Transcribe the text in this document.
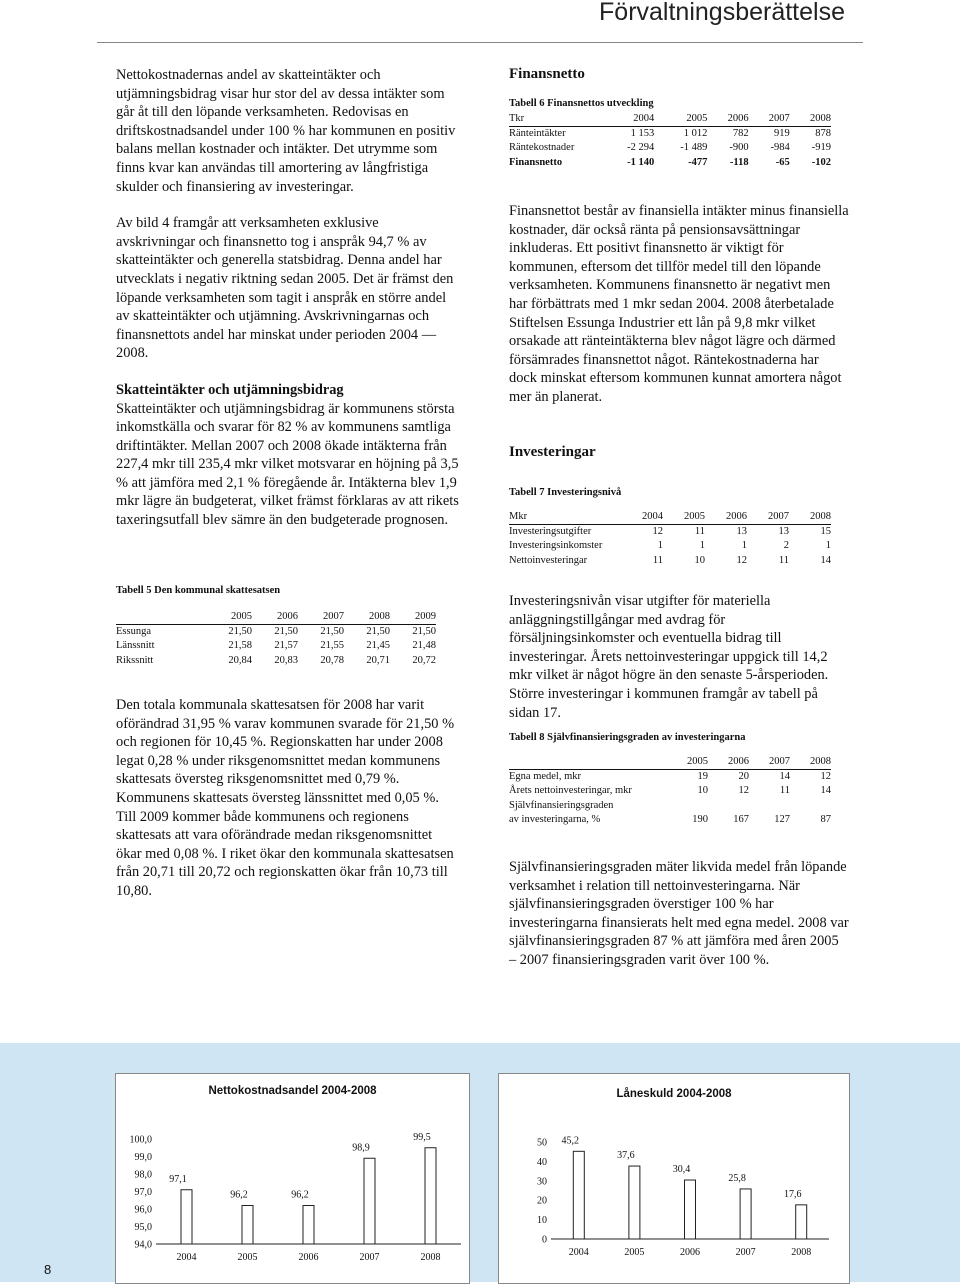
Förvaltningsberättelse

Nettokostnadernas andel av skatteintäkter och utjämningsbidrag visar hur stor del av dessa intäkter som går åt till den löpande verksamheten. Redovisas en driftskostnadsandel under 100 % har kommunen en positiv balans mellan kostnader och intäkter. Det utrymme som finns kvar kan användas till amortering av långfristiga skulder och finansiering av investeringar.

Av bild 4 framgår att verksamheten exklusive avskrivningar och finansnetto tog i anspråk 94,7 % av skatteintäkter och generella statsbidrag. Denna andel har utvecklats i negativ riktning sedan 2005. Det är främst den löpande verksamheten som tagit i anspråk en större andel av skatteintäkter och utjämning. Avskrivningarnas och finansnettots andel har minskat under perioden 2004 — 2008.

Skatteintäkter och utjämningsbidrag

Skatteintäkter och utjämningsbidrag är kommunens största inkomstkälla och svarar för 82 % av kommunens samtliga driftintäkter. Mellan 2007 och 2008 ökade intäkterna från 227,4 mkr till 235,4 mkr vilket motsvarar en höjning på 3,5 % att jämföra med 2,1 % föregående år. Intäkterna blev 1,9 mkr lägre än budgeterat, vilket främst förklaras av att rikets taxeringsutfall blev sämre än den budgeterade prognosen.

Tabell 5 Den kommunal skattesatsen
	2005	2006	2007	2008	2009
Essunga	21,50	21,50	21,50	21,50	21,50
Länssnitt	21,58	21,57	21,55	21,45	21,48
Rikssnitt	20,84	20,83	20,78	20,71	20,72

Den totala kommunala skattesatsen för 2008 har varit oförändrad 31,95 % varav kommunen svarade för 21,50 % och regionen för 10,45 %. Regionskatten har under 2008 legat 0,28 % under riksgenomsnittet medan kommunens skattesats översteg riksgenomsnittet med 0,79 %. Kommunens skattesats översteg länssnittet med 0,05 %. Till 2009 kommer både kommunens och regionens skattesats att vara oförändrade medan riksgenomsnittet ökar med 0,08 %. I riket ökar den kommunala skattesatsen från 20,71 till 20,72 och regionskatten ökar från 10,73 till 10,80.

Finansnetto
Tabell 6 Finansnettos utveckling
Tkr	2004	2005	2006	2007	2008
Ränteintäkter	1 153	1 012	782	919	878
Räntekostnader	-2 294	-1 489	-900	-984	-919
Finansnetto	-1 140	-477	-118	-65	-102

Finansnettot består av finansiella intäkter minus finansiella kostnader, där också ränta på pensionsavsättningar inkluderas. Ett positivt finansnetto är viktigt för kommunen, eftersom det tillför medel till den löpande verksamheten. Kommunens finansnetto är negativt men har förbättrats med 1 mkr sedan 2004. 2008 återbetalade Stiftelsen Essunga Industrier ett lån på 9,8 mkr vilket orsakade att ränteintäkterna blev något lägre och därmed försämrades finansnettot något. Räntekostnaderna har dock minskat eftersom kommunen kunnat amortera något mer än planerat.

Investeringar
Tabell 7 Investeringsnivå
Mkr	2004	2005	2006	2007	2008
Investeringsutgifter	12	11	13	13	15
Investeringsinkomster	1	1	1	2	1
Nettoinvesteringar	11	10	12	11	14

Investeringsnivån visar utgifter för materiella anläggningstillgångar med avdrag för försäljningsinkomster och eventuella bidrag till investeringar. Årets nettoinvesteringar uppgick till 14,2 mkr vilket är något högre än den senaste 5-årsperioden. Större investeringar i kommunen framgår av tabell på sidan 17.

Tabell 8 Självfinansieringsgraden av investeringarna
	2005	2006	2007	2008
Egna medel, mkr	19	20	14	12
Årets nettoinvesteringar, mkr	10	12	11	14
Självfinansieringsgraden				
av investeringarna, %	190	167	127	87

Självfinansieringsgraden mäter likvida medel från löpande verksamhet i relation till nettoinvesteringarna. När självfinansieringsgraden överstiger 100 % har investeringarna finansierats helt med egna medel. 2008 var självfinansieringsgraden 87 % att jämföra med åren 2005 – 2007 finansieringsgraden varit över 100 %.

8
Nettokostnadsandel 2004-2008
94,0
95,0
96,0
97,0
98,0
99,0
100,0
97,1
2004
96,2
2005
96,2
2006
98,9
2007
99,5
2008
Låneskuld 2004-2008
0
10
20
30
40
50 45,2
2004
37,6
2005
30,4
2006
25,8
2007
17,6
2008
